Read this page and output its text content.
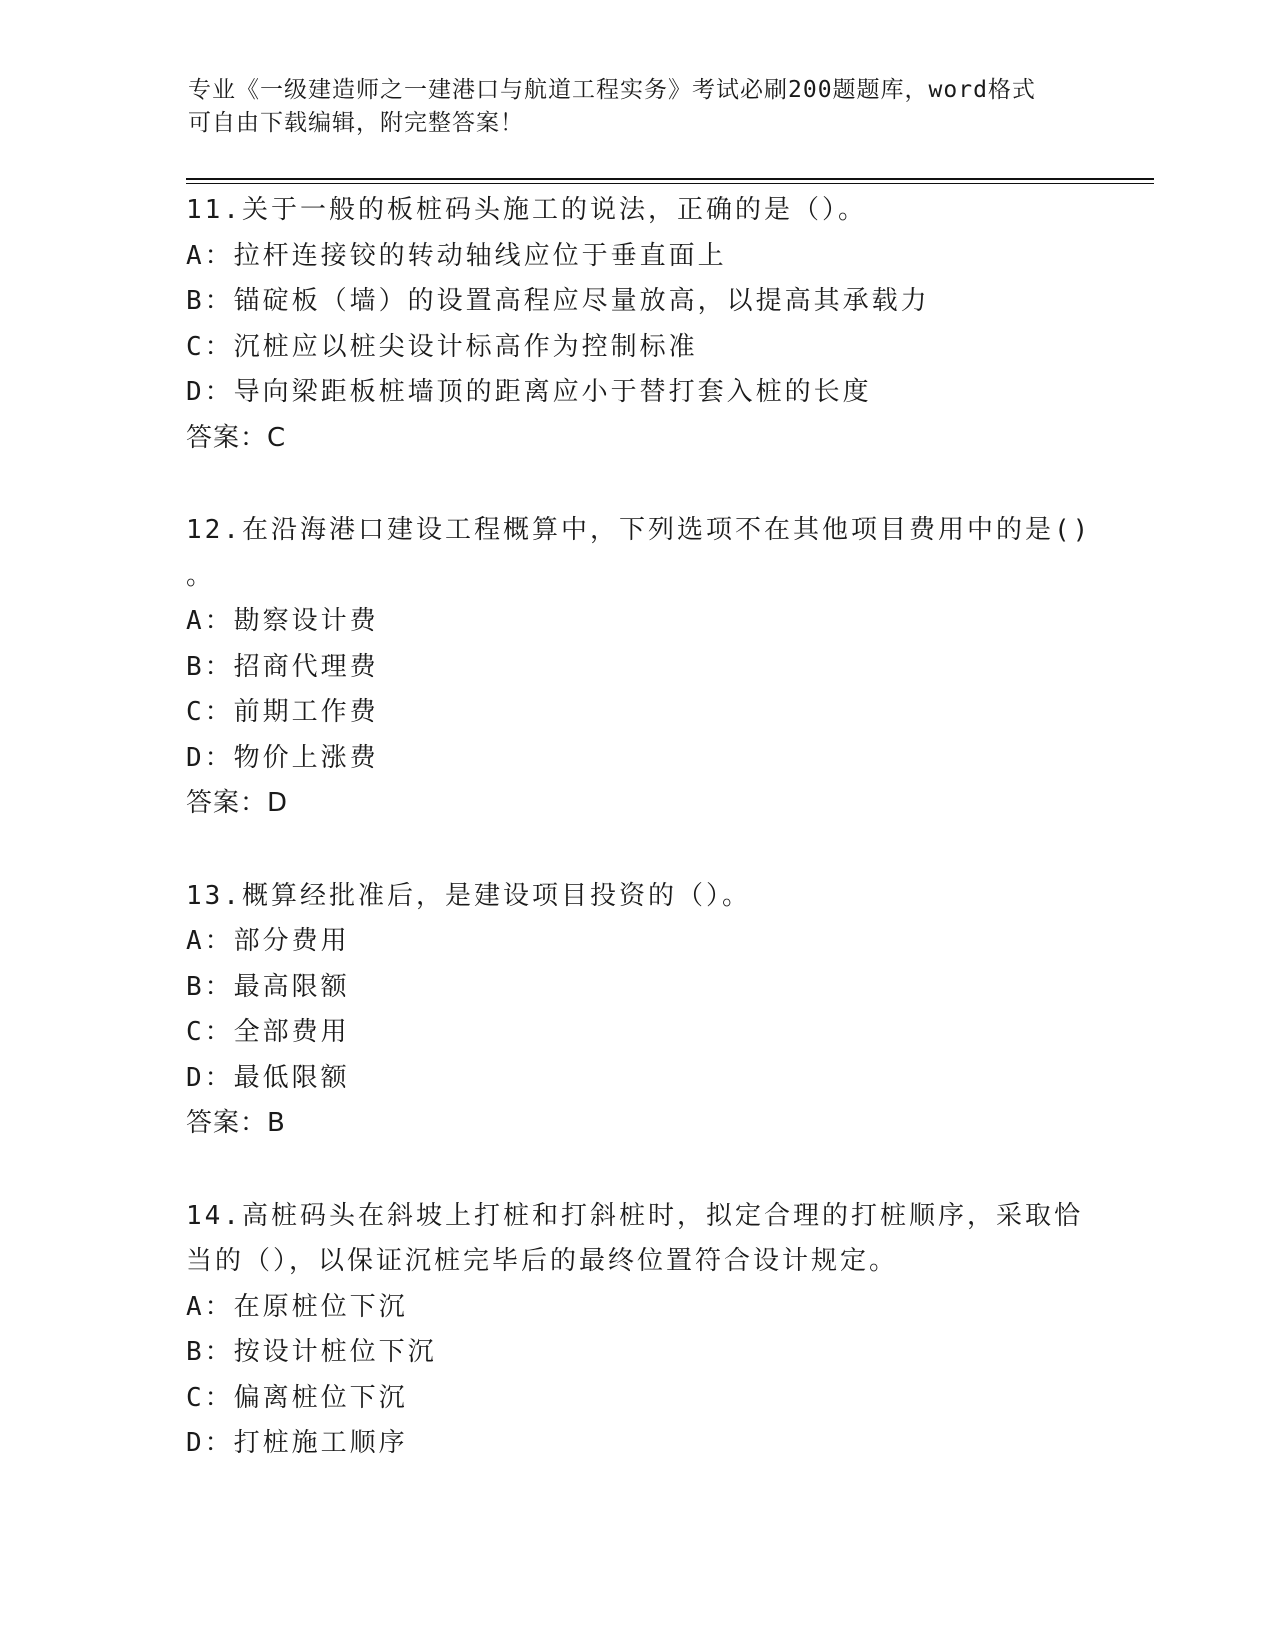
专业《一级建造师之一建港口与航道工程实务》考试必刷200题题库，word格式
可自由下载编辑，附完整答案！
11.关于一般的板桩码头施工的说法，正确的是（）。
A：拉杆连接铰的转动轴线应位于垂直面上
B：锚碇板（墙）的设置高程应尽量放高，以提高其承载力
C：沉桩应以桩尖设计标高作为控制标准
D：导向梁距板桩墙顶的距离应小于替打套入桩的长度
答案：C
12.在沿海港口建设工程概算中，下列选项不在其他项目费用中的是()
。
A：勘察设计费
B：招商代理费
C：前期工作费
D：物价上涨费
答案：D
13.概算经批准后，是建设项目投资的（）。
A：部分费用
B：最高限额
C：全部费用
D：最低限额
答案：B
14.高桩码头在斜坡上打桩和打斜桩时，拟定合理的打桩顺序，采取恰
当的（），以保证沉桩完毕后的最终位置符合设计规定。
A：在原桩位下沉
B：按设计桩位下沉
C：偏离桩位下沉
D：打桩施工顺序
